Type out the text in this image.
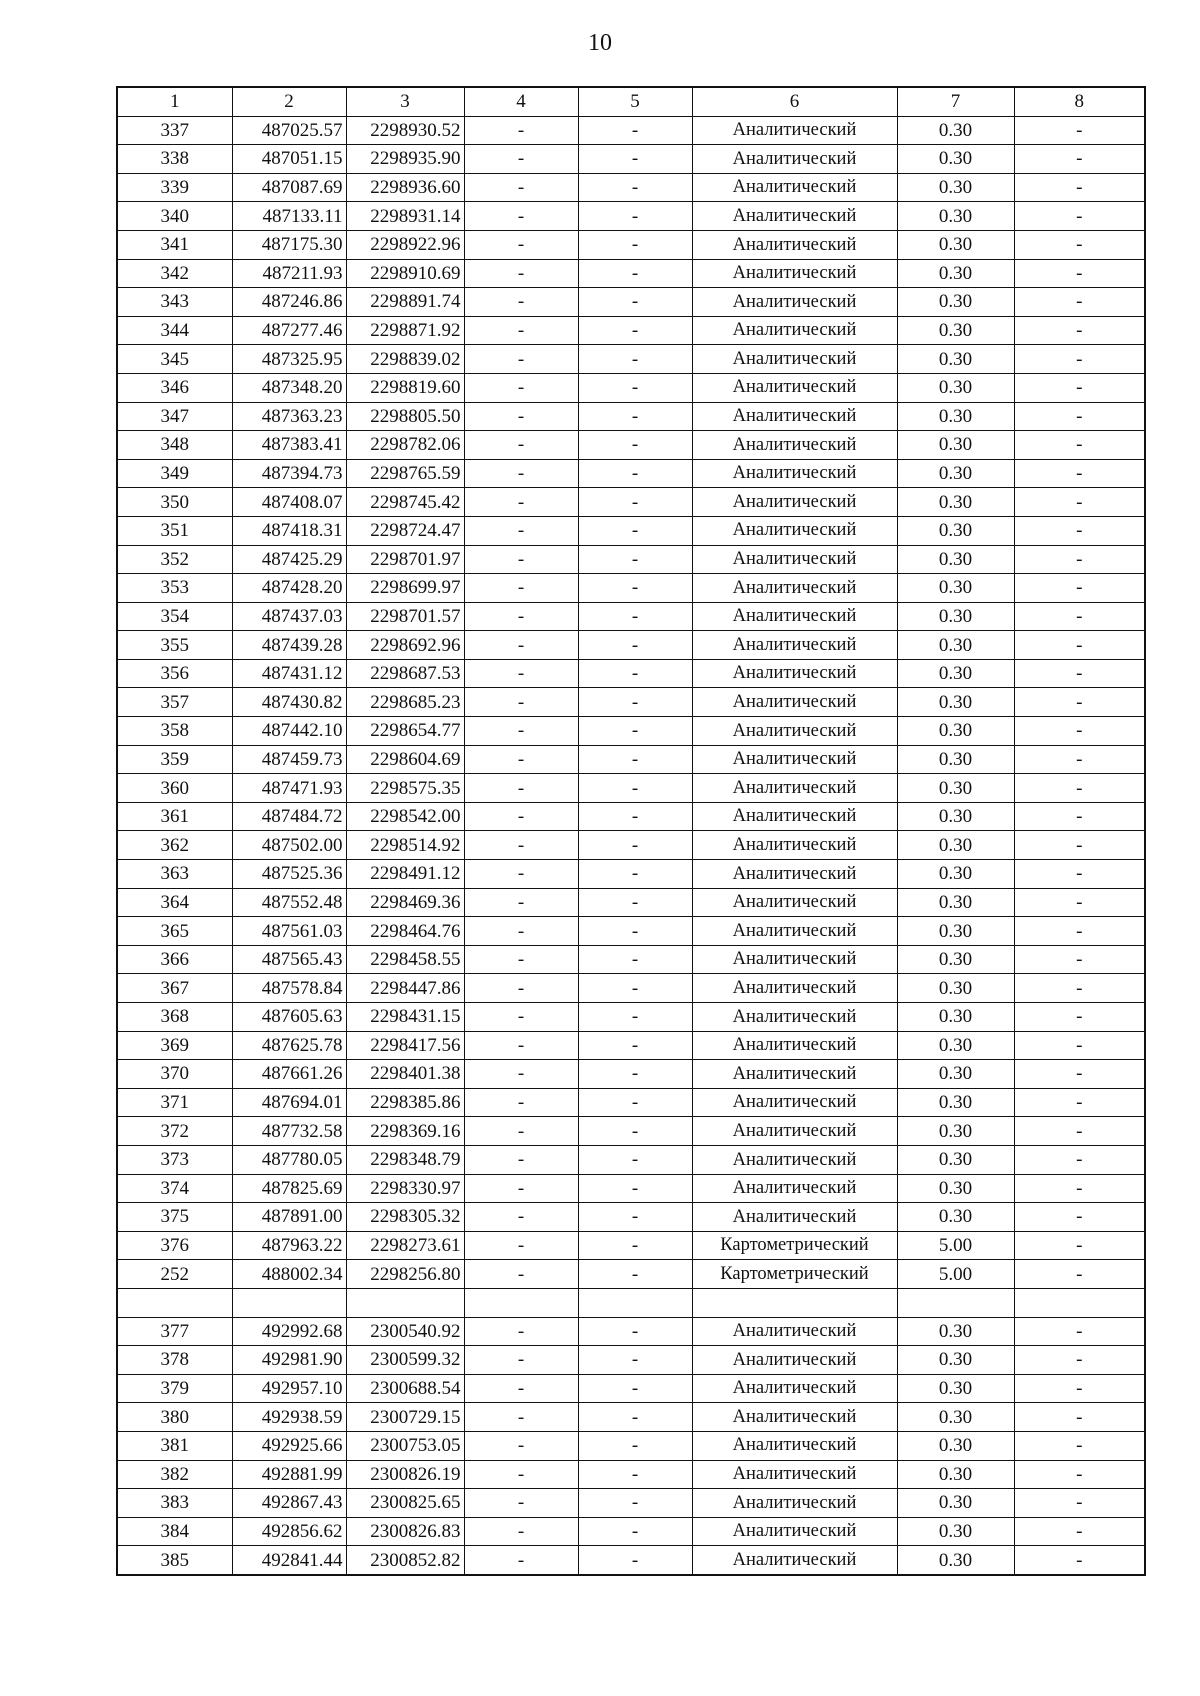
10
1	2	3	4	5	6	7	8
337	487025.57	2298930.52	-	-	Аналитический	0.30	-
338	487051.15	2298935.90	-	-	Аналитический	0.30	-
339	487087.69	2298936.60	-	-	Аналитический	0.30	-
340	487133.11	2298931.14	-	-	Аналитический	0.30	-
341	487175.30	2298922.96	-	-	Аналитический	0.30	-
342	487211.93	2298910.69	-	-	Аналитический	0.30	-
343	487246.86	2298891.74	-	-	Аналитический	0.30	-
344	487277.46	2298871.92	-	-	Аналитический	0.30	-
345	487325.95	2298839.02	-	-	Аналитический	0.30	-
346	487348.20	2298819.60	-	-	Аналитический	0.30	-
347	487363.23	2298805.50	-	-	Аналитический	0.30	-
348	487383.41	2298782.06	-	-	Аналитический	0.30	-
349	487394.73	2298765.59	-	-	Аналитический	0.30	-
350	487408.07	2298745.42	-	-	Аналитический	0.30	-
351	487418.31	2298724.47	-	-	Аналитический	0.30	-
352	487425.29	2298701.97	-	-	Аналитический	0.30	-
353	487428.20	2298699.97	-	-	Аналитический	0.30	-
354	487437.03	2298701.57	-	-	Аналитический	0.30	-
355	487439.28	2298692.96	-	-	Аналитический	0.30	-
356	487431.12	2298687.53	-	-	Аналитический	0.30	-
357	487430.82	2298685.23	-	-	Аналитический	0.30	-
358	487442.10	2298654.77	-	-	Аналитический	0.30	-
359	487459.73	2298604.69	-	-	Аналитический	0.30	-
360	487471.93	2298575.35	-	-	Аналитический	0.30	-
361	487484.72	2298542.00	-	-	Аналитический	0.30	-
362	487502.00	2298514.92	-	-	Аналитический	0.30	-
363	487525.36	2298491.12	-	-	Аналитический	0.30	-
364	487552.48	2298469.36	-	-	Аналитический	0.30	-
365	487561.03	2298464.76	-	-	Аналитический	0.30	-
366	487565.43	2298458.55	-	-	Аналитический	0.30	-
367	487578.84	2298447.86	-	-	Аналитический	0.30	-
368	487605.63	2298431.15	-	-	Аналитический	0.30	-
369	487625.78	2298417.56	-	-	Аналитический	0.30	-
370	487661.26	2298401.38	-	-	Аналитический	0.30	-
371	487694.01	2298385.86	-	-	Аналитический	0.30	-
372	487732.58	2298369.16	-	-	Аналитический	0.30	-
373	487780.05	2298348.79	-	-	Аналитический	0.30	-
374	487825.69	2298330.97	-	-	Аналитический	0.30	-
375	487891.00	2298305.32	-	-	Аналитический	0.30	-
376	487963.22	2298273.61	-	-	Картометрический	5.00	-
252	488002.34	2298256.80	-	-	Картометрический	5.00	-

377	492992.68	2300540.92	-	-	Аналитический	0.30	-
378	492981.90	2300599.32	-	-	Аналитический	0.30	-
379	492957.10	2300688.54	-	-	Аналитический	0.30	-
380	492938.59	2300729.15	-	-	Аналитический	0.30	-
381	492925.66	2300753.05	-	-	Аналитический	0.30	-
382	492881.99	2300826.19	-	-	Аналитический	0.30	-
383	492867.43	2300825.65	-	-	Аналитический	0.30	-
384	492856.62	2300826.83	-	-	Аналитический	0.30	-
385	492841.44	2300852.82	-	-	Аналитический	0.30	-
